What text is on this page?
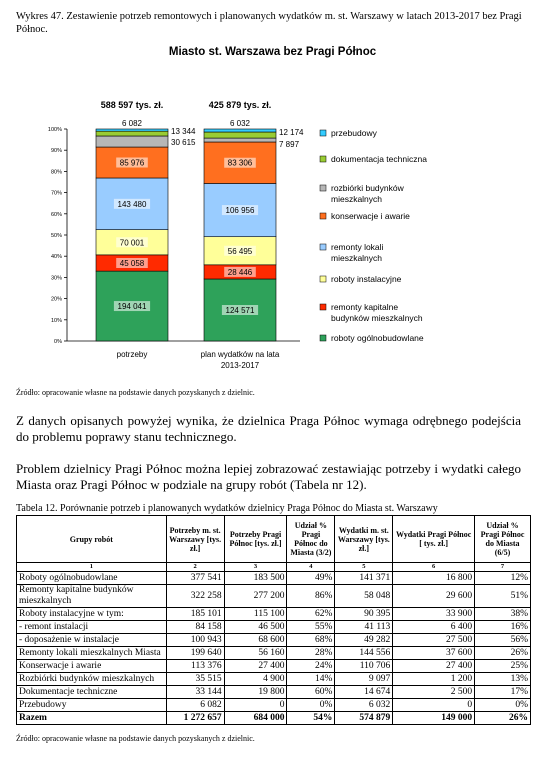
Wykres 47. Zestawienie potrzeb remontowych i planowanych wydatków m. st. Warszawy w latach 2013-2017 bez Pragi Północ.
Miasto st. Warszawa bez Pragi Północ
0%
10%
20%
30%
40%
50%
60%
70%
80%
90%
100%
potrzeby
588 597 tys. zł.
plan wydatków na lata
2013-2017
425 879 tys. zł.
194 041
45 058
70 001
143 480
85 976
30 615
13 344
6 082
124 571
28 446
56 495
106 956
83 306
7 897
12 174
6 032
przebudowy
dokumentacja techniczna
rozbiórki budynków
mieszkalnych
konserwacje i awarie
remonty lokali
mieszkalnych
roboty instalacyjne
remonty kapitalne
budynków mieszkalnych
roboty ogólnobudowlane
Źródło: opracowanie własne na podstawie danych pozyskanych z dzielnic.
Z danych opisanych powyżej wynika, że dzielnica Praga Północ wymaga odrębnego podejścia do problemu poprawy stanu technicznego.
Problem dzielnicy Pragi Północ można lepiej zobrazować zestawiając potrzeby i wydatki całego Miasta oraz Pragi Północ w podziale na grupy robót (Tabela nr 12).
Tabela 12. Porównanie potrzeb i planowanych wydatków dzielnicy Praga Północ do Miasta st. Warszawy
Grupy robót	Potrzeby m. st. Warszawy [tys. zł.]	Potrzeby Pragi Północ [tys. zł.]	Udział % Pragi Północ do Miasta (3/2)	Wydatki m. st. Warszawy [tys. zł.]	Wydatki Pragi Północ [ tys. zł.]	Udział % Pragi Północ do Miasta (6/5)
1	2	3	4	5	6	7
Roboty ogólnobudowlane	377 541	183 500	49%	141 371	16 800	12%
Remonty kapitalne budynków mieszkalnych	322 258	277 200	86%	58 048	29 600	51%
Roboty instalacyjne w tym:	185 101	115 100	62%	90 395	33 900	38%
- remont instalacji	84 158	46 500	55%	41 113	6 400	16%
- doposażenie w instalacje	100 943	68 600	68%	49 282	27 500	56%
Remonty lokali mieszkalnych Miasta	199 640	56 160	28%	144 556	37 600	26%
Konserwacje i awarie	113 376	27 400	24%	110 706	27 400	25%
Rozbiórki budynków mieszkalnych	35 515	4 900	14%	9 097	1 200	13%
Dokumentacje techniczne	33 144	19 800	60%	14 674	2 500	17%
Przebudowy	6 082	0	0%	6 032	0	0%
Razem	1 272 657	684 000	54%	574 879	149 000	26%
Źródło: opracowanie własne na podstawie danych pozyskanych z dzielnic.
